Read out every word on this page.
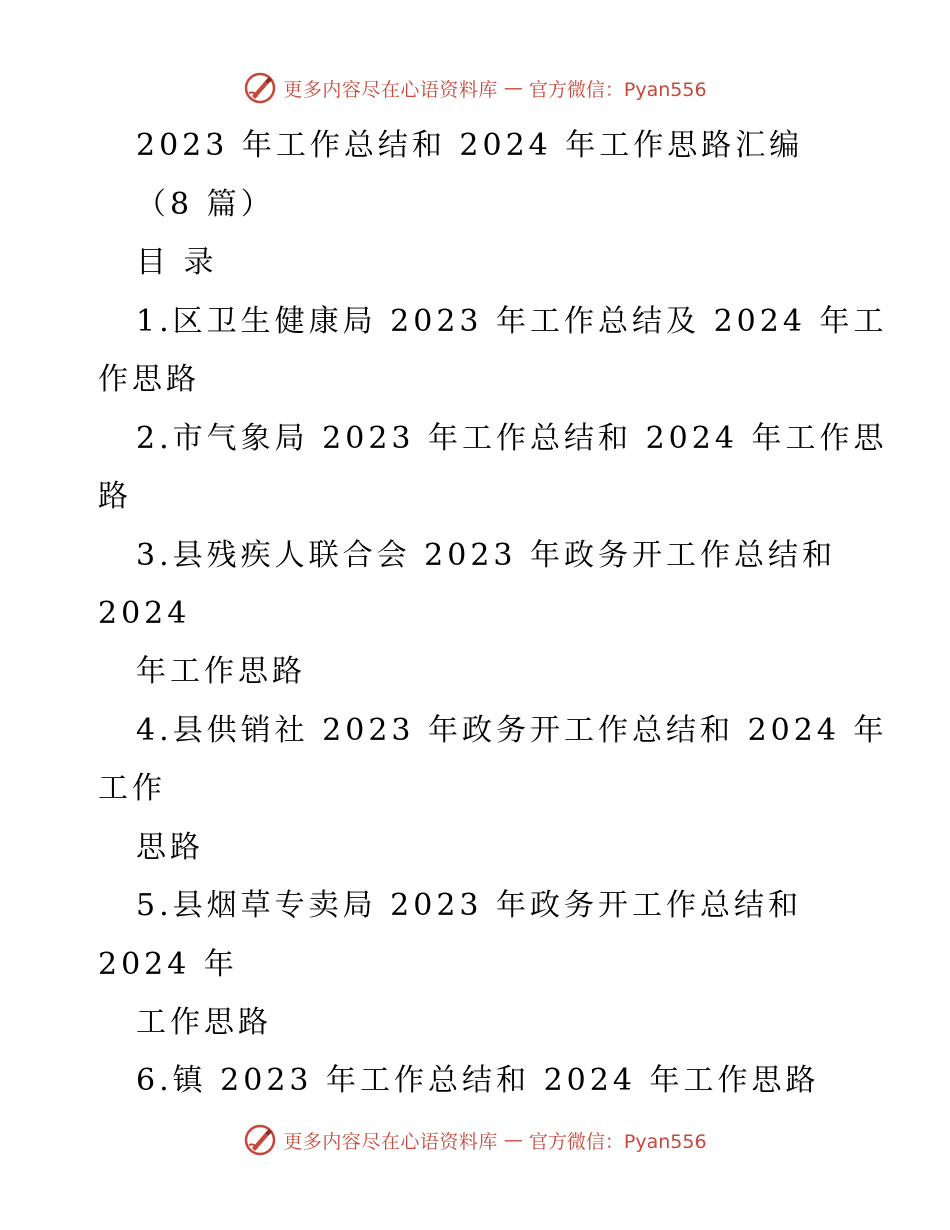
更多内容尽在心语资料库 — 官方微信：Pyan556
2023 年工作总结和 2024 年工作思路汇编
（8 篇）
目 录
1.区卫生健康局 2023 年工作总结及 2024 年工
作思路
2.市气象局 2023 年工作总结和 2024 年工作思
路
3.县残疾人联合会 2023 年政务开工作总结和
2024
年工作思路
4.县供销社 2023 年政务开工作总结和 2024 年
工作
思路
5.县烟草专卖局 2023 年政务开工作总结和
2024 年
工作思路
6.镇 2023 年工作总结和 2024 年工作思路
更多内容尽在心语资料库 — 官方微信：Pyan556
